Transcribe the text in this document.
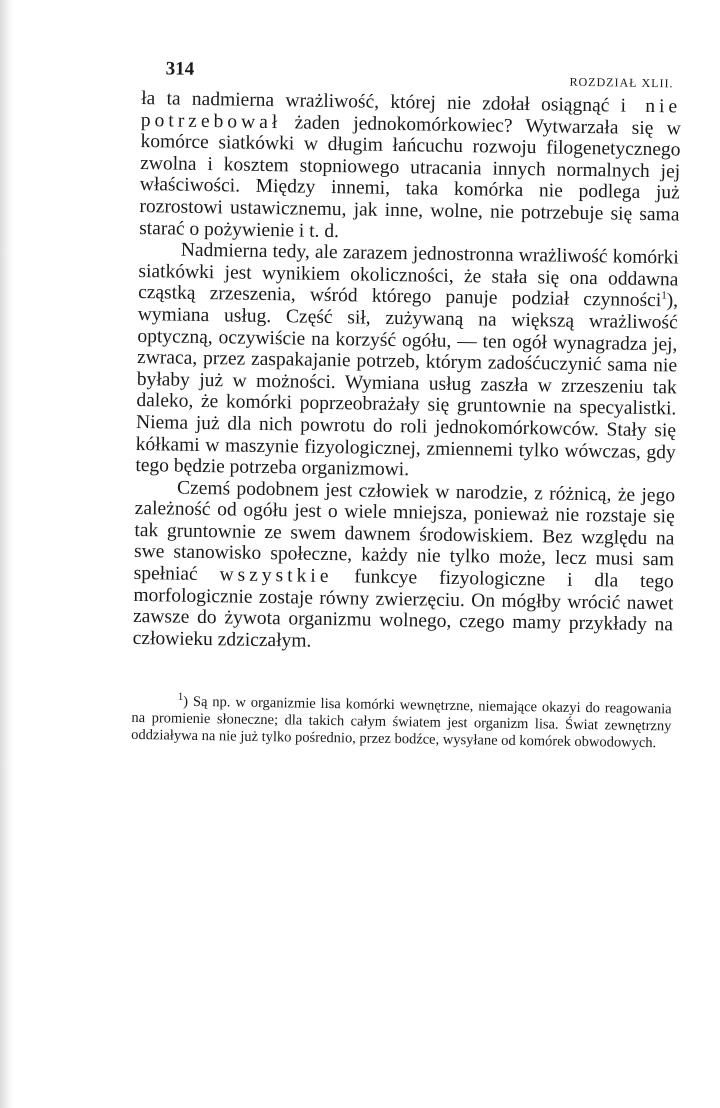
314
ROZDZIAŁ XLII.

ła ta nadmierna wrażliwość, której nie zdołał osiągnąć i nie potrzebował żaden jednokomórkowiec? Wytwarzała się w komórce siatkówki w długim łańcuchu rozwoju filogenetycznego zwolna i kosztem stopniowego utracania innych normalnych jej właściwości. Między innemi, taka komórka nie podlega już rozrostowi ustawicznemu, jak inne, wolne, nie potrzebuje się sama starać o pożywienie i t. d.

Nadmierna tedy, ale zarazem jednostronna wrażliwość komórki siatkówki jest wynikiem okoliczności, że stała się ona oddawna cząstką zrzeszenia, wśród którego panuje podział czynności$^1$), wymiana usług. Część sił, zużywaną na większą wrażliwość optyczną, oczywiście na korzyść ogółu, — ten ogół wynagradza jej, zwraca, przez zaspakajanie potrzeb, którym zadośćuczynić sama nie byłaby już w możności. Wymiana usług zaszła w zrzeszeniu tak daleko, że komórki poprzeobrażały się gruntownie na specyalistki. Niema już dla nich powrotu do roli jednokomórkowców. Stały się kółkami w maszynie fizyologicznej, zmiennemi tylko wówczas, gdy tego będzie potrzeba organizmowi.

Czemś podobnem jest człowiek w narodzie, z różnicą, że jego zależność od ogółu jest o wiele mniejsza, ponieważ nie rozstaje się tak gruntownie ze swem dawnem środowiskiem. Bez względu na swe stanowisko społeczne, każdy nie tylko może, lecz musi sam spełniać wszystkie funkcye fizyologiczne i dla tego morfologicznie zostaje równy zwierzęciu. On mógłby wrócić nawet zawsze do żywota organizmu wolnego, czego mamy przykłady na człowieku zdziczałym.

$^1$) Są np. w organizmie lisa komórki wewnętrzne, niemające okazyi do reagowania na promienie słoneczne; dla takich całym światem jest organizm lisa. Świat zewnętrzny oddziaływa na nie już tylko pośrednio, przez bodźce, wysyłane od komórek obwodowych.
